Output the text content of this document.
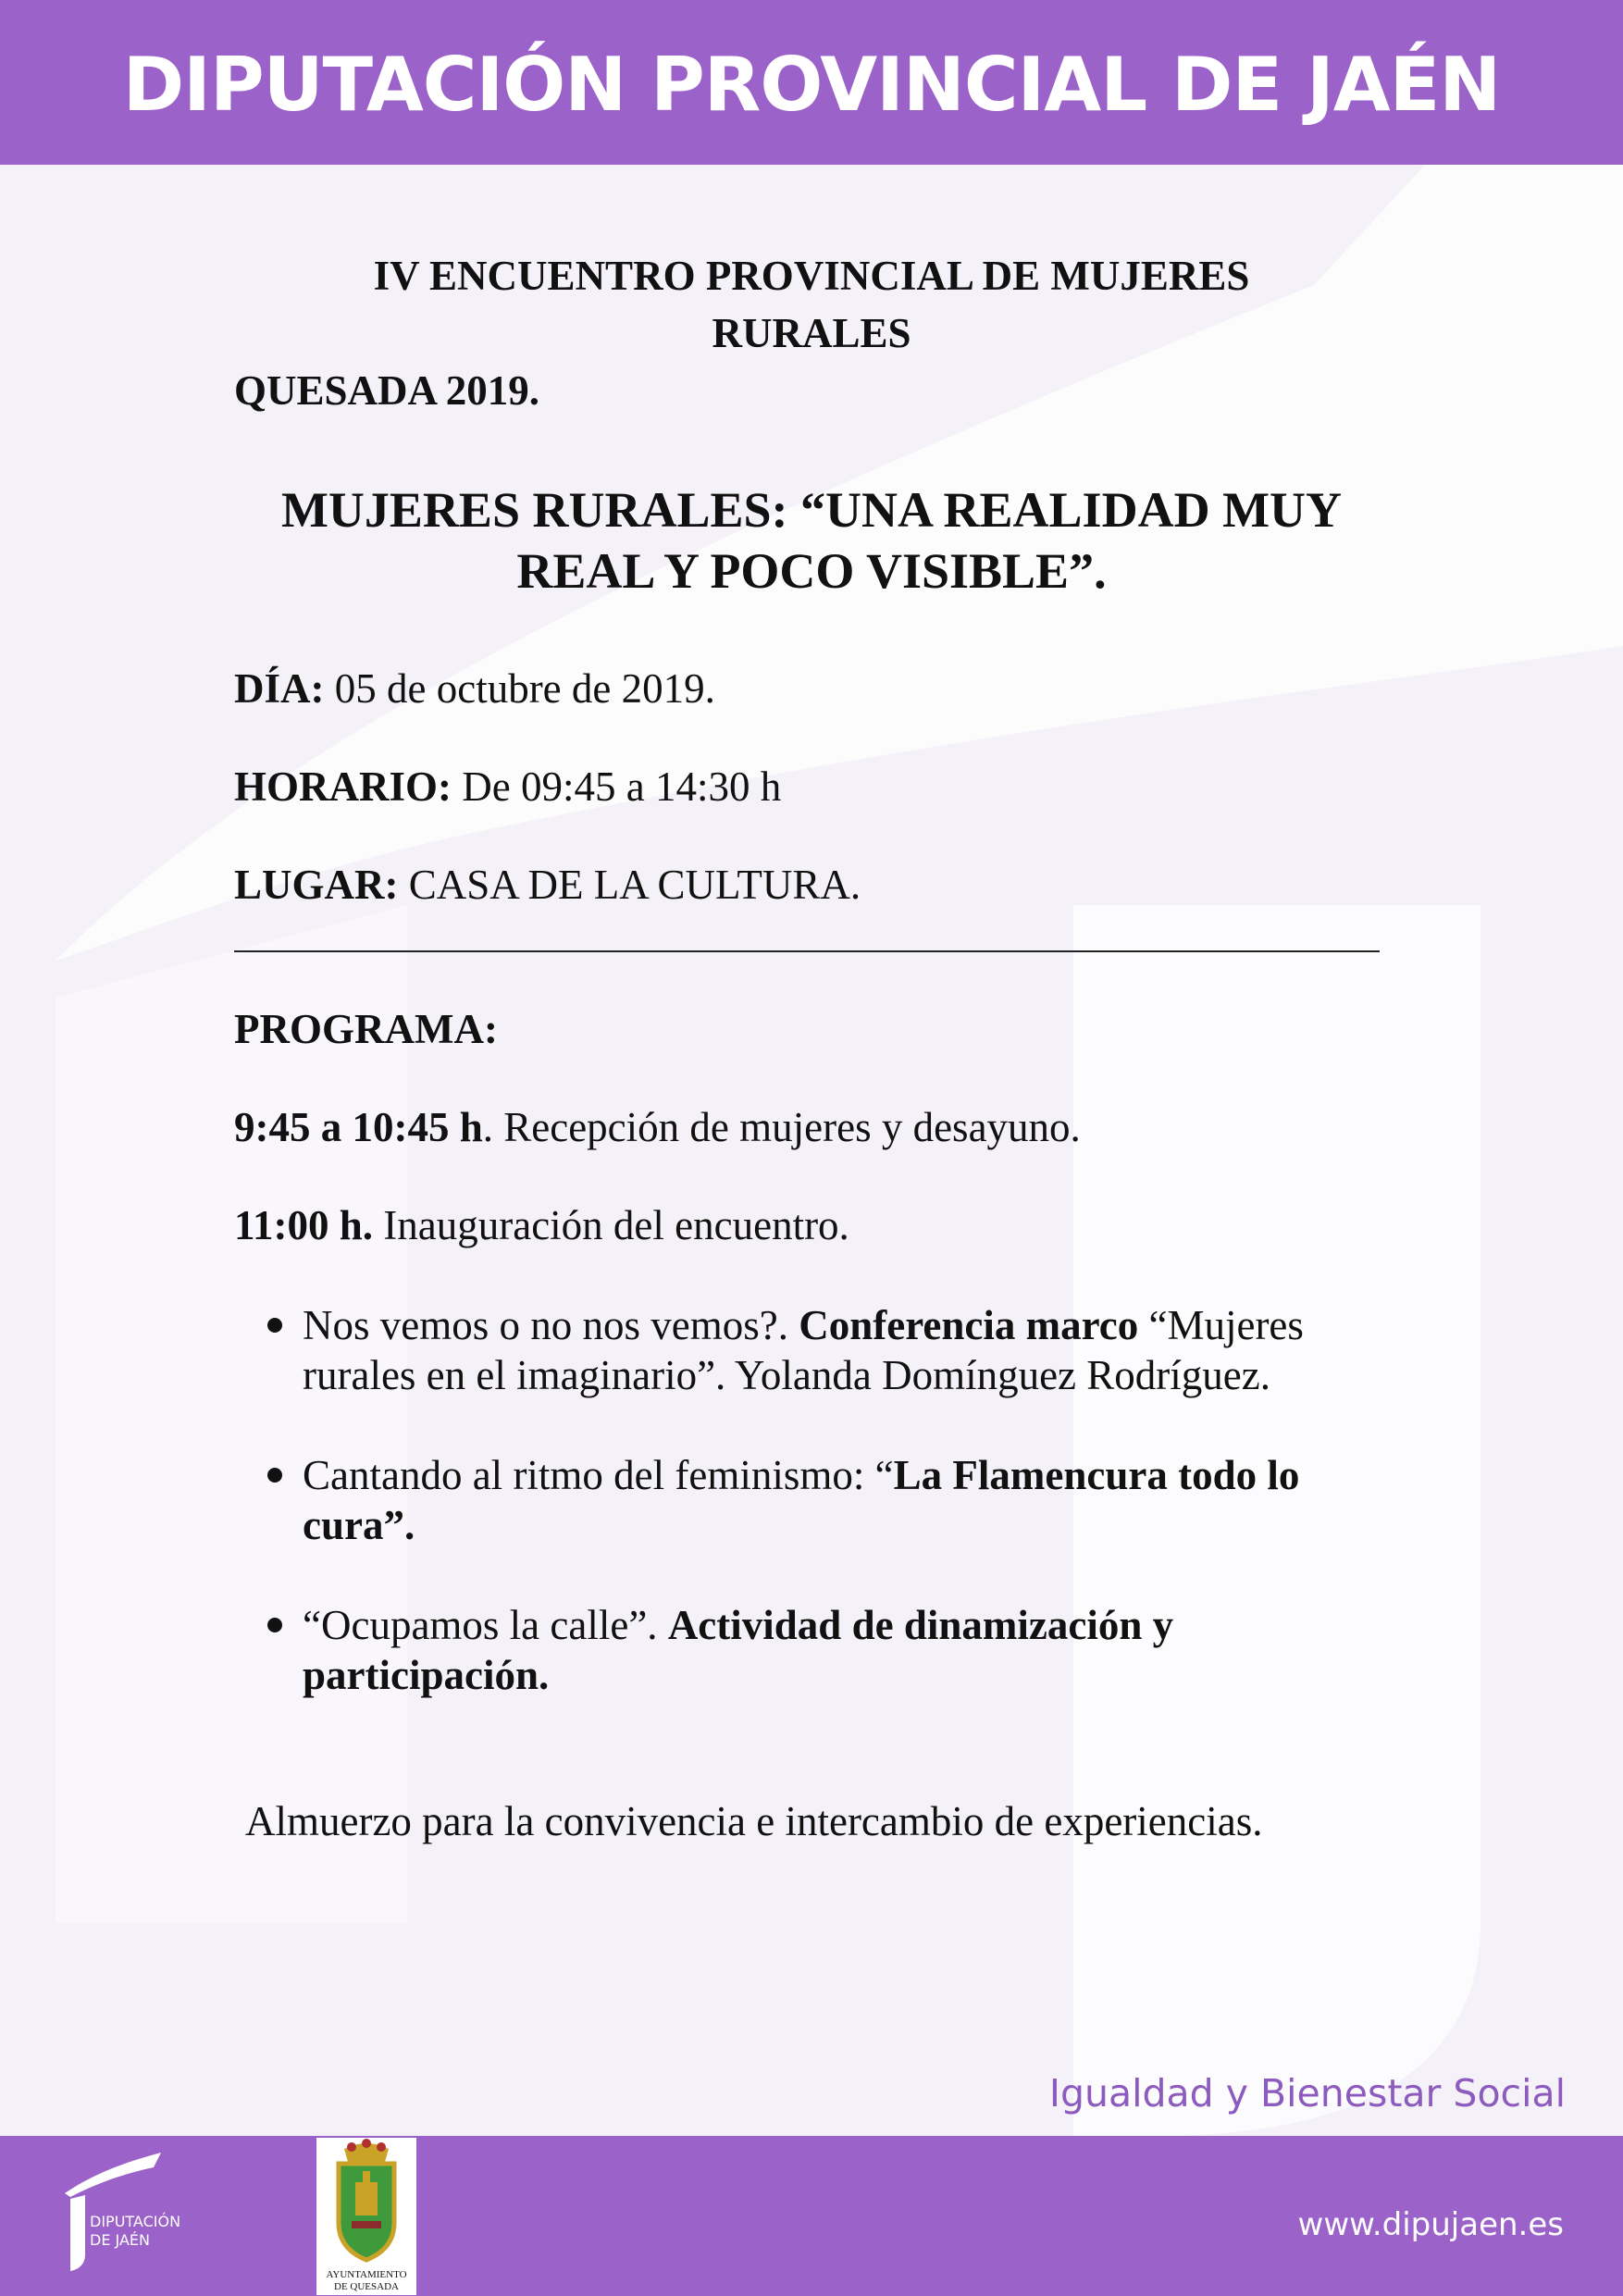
DIPUTACIÓN PROVINCIAL DE JAÉN

IV ENCUENTRO PROVINCIAL DE MUJERES

RURALES

QUESADA 2019.

MUJERES RURALES: “UNA REALIDAD MUY

REAL Y POCO VISIBLE”.

DÍA: 05 de octubre de 2019.

HORARIO: De 09:45 a 14:30 h

LUGAR: CASA DE LA CULTURA.

PROGRAMA:

9:45 a 10:45 h. Recepción de mujeres y desayuno.

11:00 h. Inauguración del encuentro.

Nos vemos o no nos vemos?. Conferencia marco “Mujeres

rurales en el imaginario”. Yolanda Domínguez Rodríguez.

Cantando al ritmo del feminismo: “La Flamencura todo lo

cura”.

“Ocupamos la calle”. Actividad de dinamización y

participación.

Almuerzo para la convivencia e intercambio de experiencias.

Igualdad y Bienestar Social
DIPUTACIÓN
DE JAÉN
AYUNTAMIENTO
DE QUESADA
www.dipujaen.es
